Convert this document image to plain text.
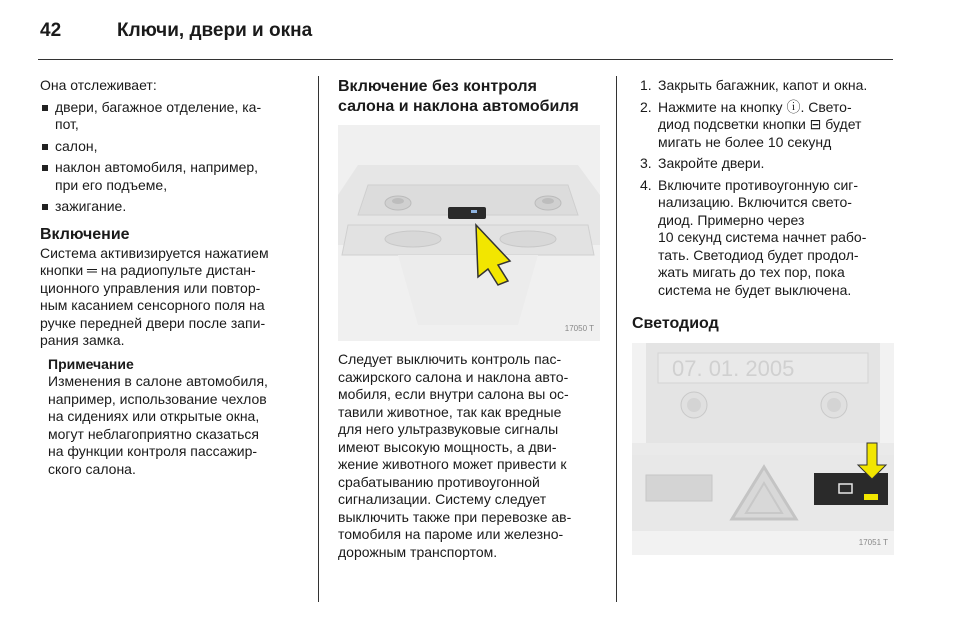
42	Ключи, двери и окна
Она отслеживает:
двери, багажное отделение, ка-
пот,
салон,
наклон автомобиля, например,
при его подъеме,
зажигание.
Включение
Система активизируется нажатием
кнопки ═ на радиопульте дистан-
ционного управления или повтор-
ным касанием сенсорного поля на
ручке передней двери после запи-
рания замка.
Примечание
Изменения в салоне автомобиля,
например, использование чехлов
на сидениях или открытые окна,
могут неблагоприятно сказаться
на функции контроля пассажир-
ского салона.
Включение без контроля
салона и наклона автомобиля
17050 T
Следует выключить контроль пас-
сажирского салона и наклона авто-
мобиля, если внутри салона вы ос-
тавили животное, так как вредные
для него ультразвуковые сигналы
имеют высокую мощность, а дви-
жение животного может привести к
срабатыванию противоугонной
сигнализации. Систему следует
выключить также при перевозке ав-
томобиля на пароме или железно-
дорожным транспортом.
1. Закрыть багажник, капот и окна.
2. Нажмите на кнопку ⓘ. Свето-
диод подсветки кнопки ⊟ будет
мигать не более 10 секунд
3. Закройте двери.
4. Включите противоугонную сиг-
нализацию. Включится свето-
диод. Примерно через
10 секунд система начнет рабо-
тать. Светодиод будет продол-
жать мигать до тех пор, пока
система не будет выключена.
Светодиод
07. 01. 2005
17051 T
